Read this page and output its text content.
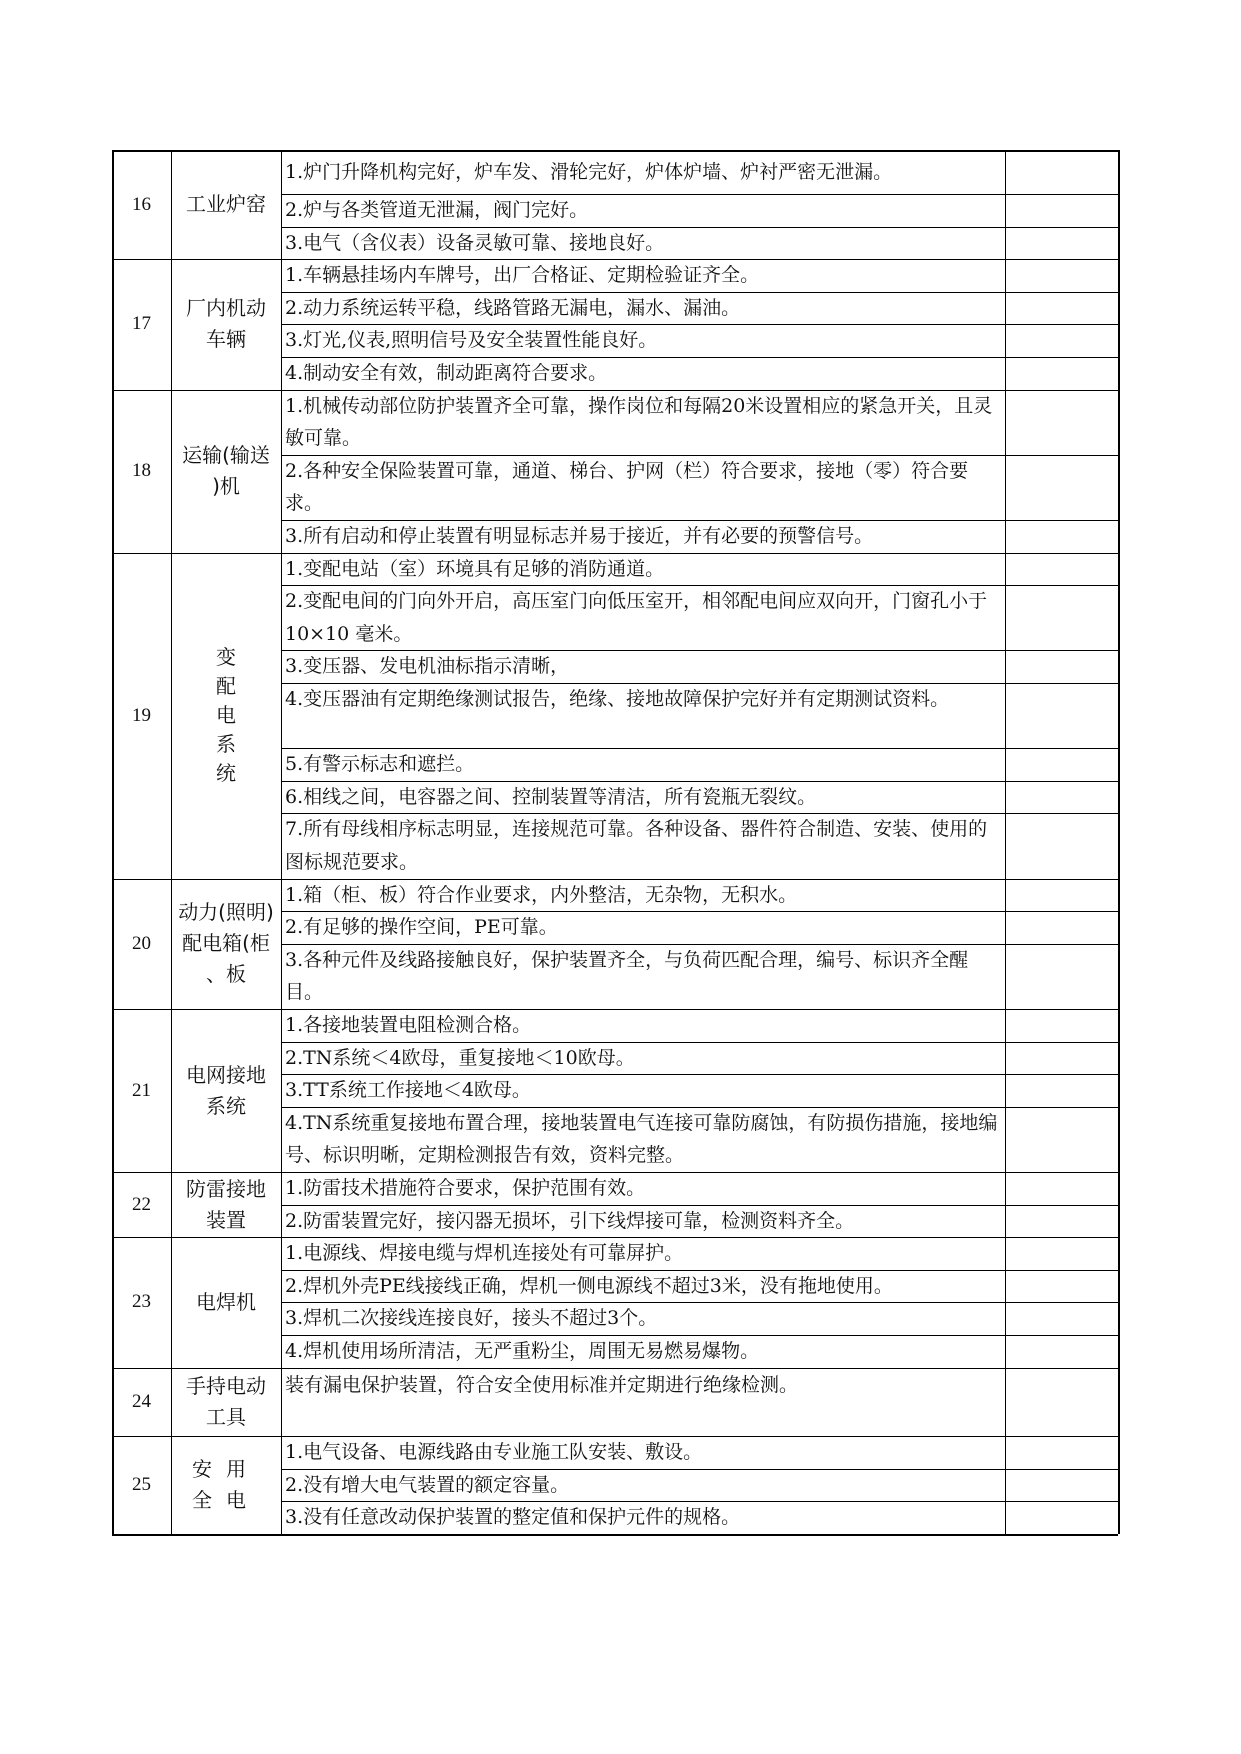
16	工业炉窑
1.炉门升降机构完好，炉车发、滑轮完好，炉体炉墙、炉衬严密无泄漏。
2.炉与各类管道无泄漏，阀门完好。
3.电气（含仪表）设备灵敏可靠、接地良好。
17
厂内机动
车辆
1.车辆悬挂场内车牌号，出厂合格证、定期检验证齐全。
2.动力系统运转平稳，线路管路无漏电，漏水、漏油。
3.灯光,仪表,照明信号及安全装置性能良好。
4.制动安全有效，制动距离符合要求。
18
运输(输送
)机
1.机械传动部位防护装置齐全可靠，操作岗位和每隔20米设置相应的紧急开关，且灵敏可靠。
2.各种安全保险装置可靠，通道、梯台、护网（栏）符合要求，接地（零）符合要求。
3.所有启动和停止装置有明显标志并易于接近，并有必要的预警信号。
19
变
配
电
系
统
1.变配电站（室）环境具有足够的消防通道。
2.变配电间的门向外开启，高压室门向低压室开，相邻配电间应双向开，门窗孔小于 10×10 毫米。
3.变压器、发电机油标指示清晰，
4.变压器油有定期绝缘测试报告，绝缘、接地故障保护完好并有定期测试资料。
5.有警示标志和遮拦。
6.相线之间，电容器之间、控制装置等清洁，所有瓷瓶无裂纹。
7.所有母线相序标志明显，连接规范可靠。各种设备、器件符合制造、安装、使用的图标规范要求。
20
动力(照明)
配电箱(柜
、板
1.箱（柜、板）符合作业要求，内外整洁，无杂物，无积水。
2.有足够的操作空间，PE可靠。
3.各种元件及线路接触良好，保护装置齐全，与负荷匹配合理，编号、标识齐全醒目。
21
电网接地
系统
1.各接地装置电阻检测合格。
2.TN系统＜4欧母，重复接地＜10欧母。
3.TT系统工作接地＜4欧母。
4.TN系统重复接地布置合理，接地装置电气连接可靠防腐蚀，有防损伤措施，接地编号、标识明晰，定期检测报告有效，资料完整。
22
防雷接地
装置
1.防雷技术措施符合要求，保护范围有效。
2.防雷装置完好，接闪器无损坏，引下线焊接可靠，检测资料齐全。
23	电焊机
1.电源线、焊接电缆与焊机连接处有可靠屏护。
2.焊机外壳PE线接线正确，焊机一侧电源线不超过3米，没有拖地使用。
3.焊机二次接线连接良好，接头不超过3个。
4.焊机使用场所清洁，无严重粉尘，周围无易燃易爆物。
24
手持电动
工具
装有漏电保护装置，符合安全使用标准并定期进行绝缘检测。
25
安用
全电
1.电气设备、电源线路由专业施工队安装、敷设。
2.没有增大电气装置的额定容量。
3.没有任意改动保护装置的整定值和保护元件的规格。
